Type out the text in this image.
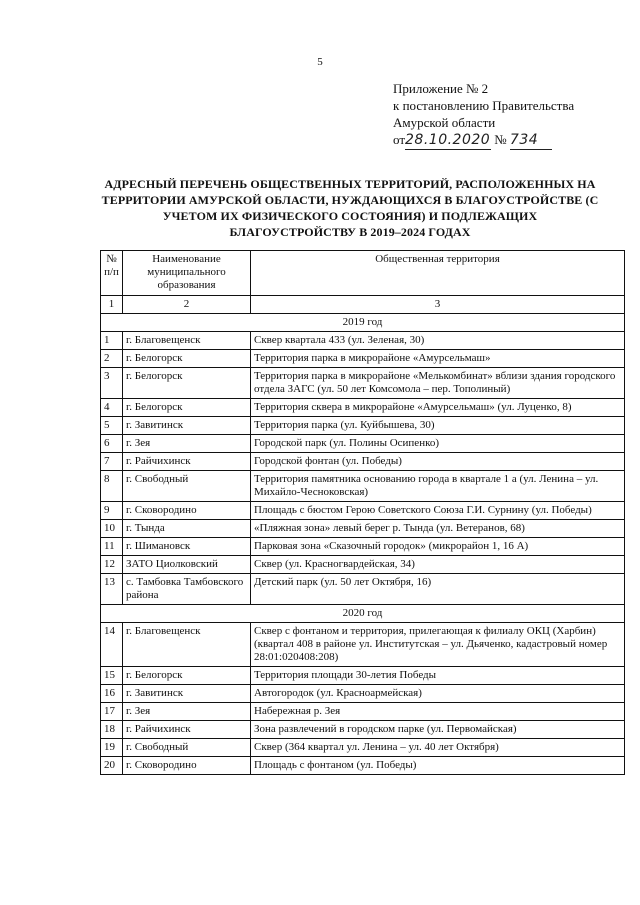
5
Приложение № 2
к постановлению Правительства
Амурской области
от28.10.2020 № 734
АДРЕСНЫЙ ПЕРЕЧЕНЬ ОБЩЕСТВЕННЫХ ТЕРРИТОРИЙ, РАСПОЛОЖЕННЫХ НА ТЕРРИТОРИИ АМУРСКОЙ ОБЛАСТИ, НУЖДАЮЩИХСЯ В БЛАГОУСТРОЙСТВЕ (С УЧЕТОМ ИХ ФИЗИЧЕСКОГО СОСТОЯНИЯ) И ПОДЛЕЖАЩИХ БЛАГОУСТРОЙСТВУ В 2019–2024 ГОДАХ
№ п/п	Наименование муниципального образования	Общественная территория
1	2	3
2019 год		
1	г. Благовещенск	Сквер квартала 433 (ул. Зеленая, 30)
2	г. Белогорск	Территория парка в микрорайоне «Амурсельмаш»
3	г. Белогорск	Территория парка в микрорайоне «Мелькомбинат» вблизи здания городского отдела ЗАГС (ул. 50 лет Комсомола – пер. Тополиный)
4	г. Белогорск	Территория сквера в микрорайоне «Амурсельмаш» (ул. Луценко, 8)
5	г. Завитинск	Территория парка (ул. Куйбышева, 30)
6	г. Зея	Городской парк (ул. Полины Осипенко)
7	г. Райчихинск	Городской фонтан (ул. Победы)
8	г. Свободный	Территория памятника основанию города в квартале 1 а (ул. Ленина – ул. Михайло-Чесноковская)
9	г. Сковородино	Площадь с бюстом Герою Советского Союза Г.И. Сурнину (ул. Победы)
10	г. Тында	«Пляжная зона» левый берег р. Тында (ул. Ветеранов, 68)
11	г. Шимановск	Парковая зона «Сказочный городок» (микрорайон 1, 16 А)
12	ЗАТО Циолковский	Сквер (ул. Красногвардейская, 34)
13	с. Тамбовка Тамбовского района	Детский парк (ул. 50 лет Октября, 16)
2020 год		
14	г. Благовещенск	Сквер с фонтаном и территория, прилегающая к филиалу ОКЦ (Харбин) (квартал 408 в районе ул. Институтская – ул. Дьяченко, кадастровый номер 28:01:020408:208)
15	г. Белогорск	Территория площади 30-летия Победы
16	г. Завитинск	Автогородок (ул. Красноармейская)
17	г. Зея	Набережная р. Зея
18	г. Райчихинск	Зона развлечений в городском парке (ул. Первомайская)
19	г. Свободный	Сквер (364 квартал ул. Ленина – ул. 40 лет Октября)
20	г. Сковородино	Площадь с фонтаном (ул. Победы)
